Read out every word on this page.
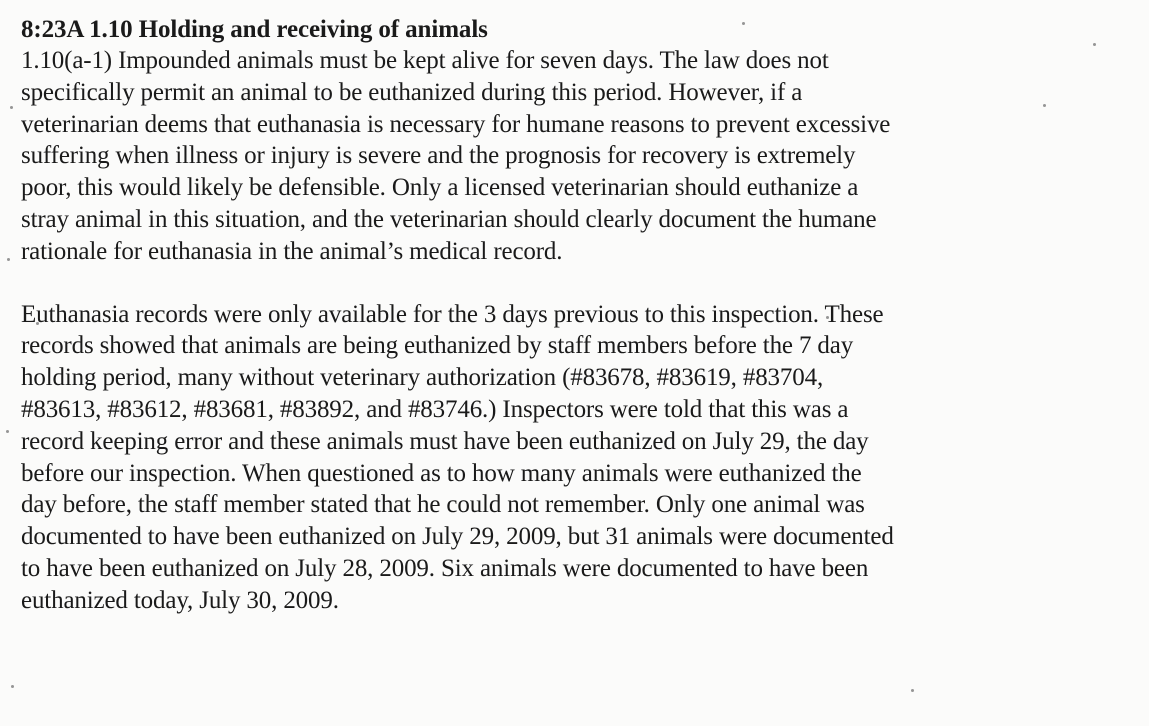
8:23A 1.10 Holding and receiving of animals

1.10(a-1) Impounded animals must be kept alive for seven days. The law does not

specifically permit an animal to be euthanized during this period. However, if a

veterinarian deems that euthanasia is necessary for humane reasons to prevent excessive

suffering when illness or injury is severe and the prognosis for recovery is extremely

poor, this would likely be defensible. Only a licensed veterinarian should euthanize a

stray animal in this situation, and the veterinarian should clearly document the humane

rationale for euthanasia in the animal’s medical record.

Euthanasia records were only available for the 3 days previous to this inspection. These

records showed that animals are being euthanized by staff members before the 7 day

holding period, many without veterinary authorization (#83678, #83619, #83704,

#83613, #83612, #83681, #83892, and #83746.) Inspectors were told that this was a

record keeping error and these animals must have been euthanized on July 29, the day

before our inspection. When questioned as to how many animals were euthanized the

day before, the staff member stated that he could not remember. Only one animal was

documented to have been euthanized on July 29, 2009, but 31 animals were documented

to have been euthanized on July 28, 2009. Six animals were documented to have been

euthanized today, July 30, 2009.
